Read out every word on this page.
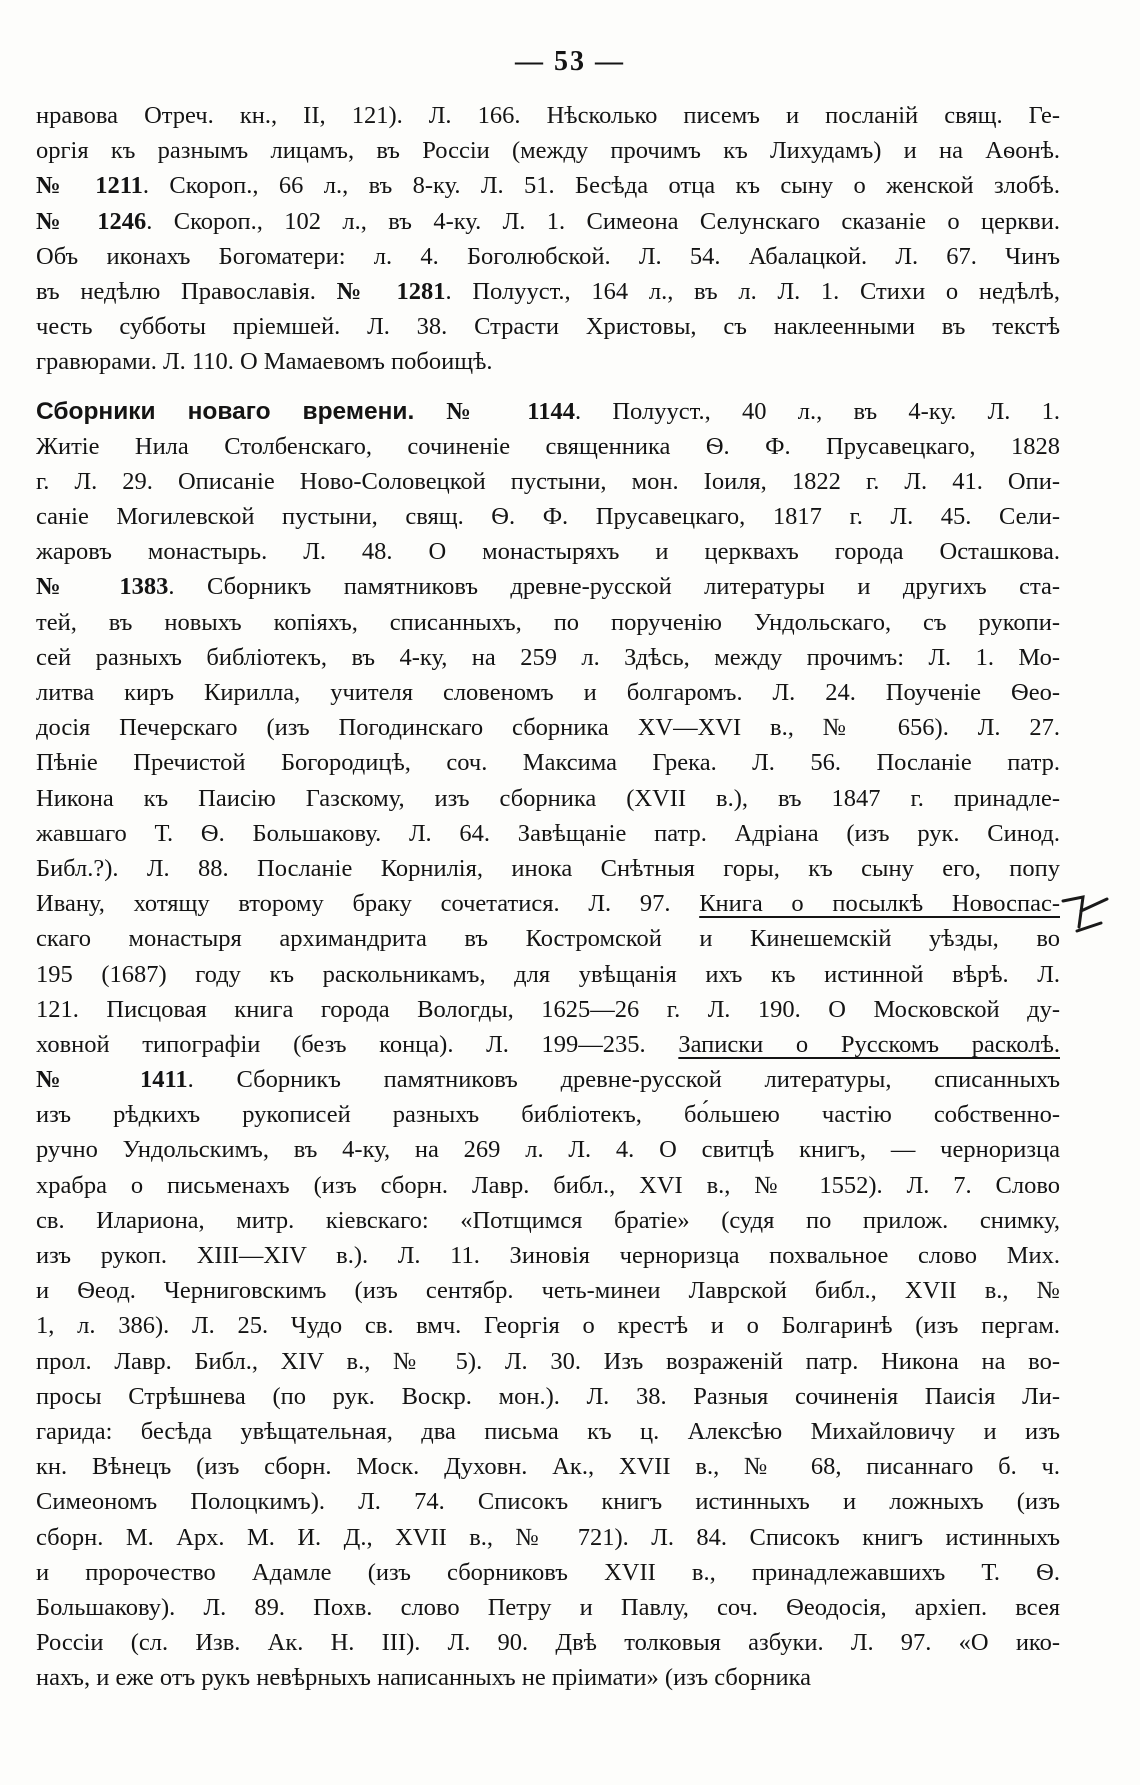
— 53 —
нравова Отреч. кн., II, 121). Л. 166. Нѣсколько писемъ и посланій свящ. Ге-
оргія къ разнымъ лицамъ, въ Россіи (между прочимъ къ Лихудамъ) и на Аѳонѣ.
№ 1211. Скороп., 66 л., въ 8-ку. Л. 51. Бесѣда отца къ сыну о женской злобѣ.
№ 1246. Скороп., 102 л., въ 4-ку. Л. 1. Симеона Селунскаго сказаніе о церкви.
Объ иконахъ Богоматери: л. 4. Боголюбской. Л. 54. Абалацкой. Л. 67. Чинъ
въ недѣлю Православія. № 1281. Полууст., 164 л., въ л. Л. 1. Стихи о недѣлѣ,
честь субботы пріемшей. Л. 38. Страсти Христовы, съ наклеенными въ текстѣ
гравюрами. Л. 110. О Мамаевомъ побоищѣ.
Сборники новаго времени. № 1144. Полууст., 40 л., въ 4-ку. Л. 1.
Житіе Нила Столбенскаго, сочиненіе священника Ѳ. Ф. Прусавецкаго, 1828
г. Л. 29. Описаніе Ново-Соловецкой пустыни, мон. Іоиля, 1822 г. Л. 41. Опи-
саніе Могилевской пустыни, свящ. Ѳ. Ф. Прусавецкаго, 1817 г. Л. 45. Сели-
жаровъ монастырь. Л. 48. О монастыряхъ и церквахъ города Осташкова.
№ 1383. Сборникъ памятниковъ древне-русской литературы и другихъ ста-
тей, въ новыхъ копіяхъ, списанныхъ, по порученію Ундольскаго, съ рукопи-
сей разныхъ библіотекъ, въ 4-ку, на 259 л. Здѣсь, между прочимъ: Л. 1. Мо-
литва киръ Кирилла, учителя словеномъ и болгаромъ. Л. 24. Поученіе Ѳео-
досія Печерскаго (изъ Погодинскаго сборника XV—XVI в., № 656). Л. 27.
Пѣніе Пречистой Богородицѣ, соч. Максима Грека. Л. 56. Посланіе патр.
Никона къ Паисію Газскому, изъ сборника (XVII в.), въ 1847 г. принадле-
жавшаго Т. Ѳ. Большакову. Л. 64. Завѣщаніе патр. Адріана (изъ рук. Синод.
Библ.?). Л. 88. Посланіе Корнилія, инока Снѣтныя горы, къ сыну его, попу
Ивану, хотящу второму браку сочетатися. Л. 97. Книга о посылкѣ Новоспас-
скаго монастыря архимандрита въ Костромской и Кинешемскій уѣзды, во
195 (1687) году къ раскольникамъ, для увѣщанія ихъ къ истинной вѣрѣ. Л.
121. Писцовая книга города Вологды, 1625—26 г. Л. 190. О Московской ду-
ховной типографіи (безъ конца). Л. 199—235. Записки о Русскомъ расколѣ.
№ 1411. Сборникъ памятниковъ древне-русской литературы, списанныхъ
изъ рѣдкихъ рукописей разныхъ библіотекъ, бо́льшею частію собственно-
ручно Ундольскимъ, въ 4-ку, на 269 л. Л. 4. О свитцѣ книгъ, — черноризца
храбра о письменахъ (изъ сборн. Лавр. библ., XVI в., № 1552). Л. 7. Слово
св. Илариона, митр. кіевскаго: «Потщимся братіе» (судя по прилож. снимку,
изъ рукоп. XIII—XIV в.). Л. 11. Зиновія черноризца похвальное слово Мих.
и Ѳеод. Черниговскимъ (изъ сентябр. четь-минеи Лаврской библ., XVII в., №
1, л. 386). Л. 25. Чудо св. вмч. Георгія о крестѣ и о Болгаринѣ (изъ пергам.
прол. Лавр. Библ., XIV в., № 5). Л. 30. Изъ возраженій патр. Никона на во-
просы Стрѣшнева (по рук. Воскр. мон.). Л. 38. Разныя сочиненія Паисія Ли-
гарида: бесѣда увѣщательная, два письма къ ц. Алексѣю Михайловичу и изъ
кн. Вѣнецъ (изъ сборн. Моск. Духовн. Ак., XVII в., № 68, писаннаго б. ч.
Симеономъ Полоцкимъ). Л. 74. Списокъ книгъ истинныхъ и ложныхъ (изъ
сборн. М. Арх. М. И. Д., XVII в., № 721). Л. 84. Списокъ книгъ истинныхъ
и пророчество Адамле (изъ сборниковъ XVII в., принадлежавшихъ Т. Ѳ.
Большакову). Л. 89. Похв. слово Петру и Павлу, соч. Ѳеодосія, архіеп. всея
Россіи (сл. Изв. Ак. Н. III). Л. 90. Двѣ толковыя азбуки. Л. 97. «О ико-
нахъ, и еже отъ рукъ невѣрныхъ написанныхъ не пріимати» (изъ сборника
